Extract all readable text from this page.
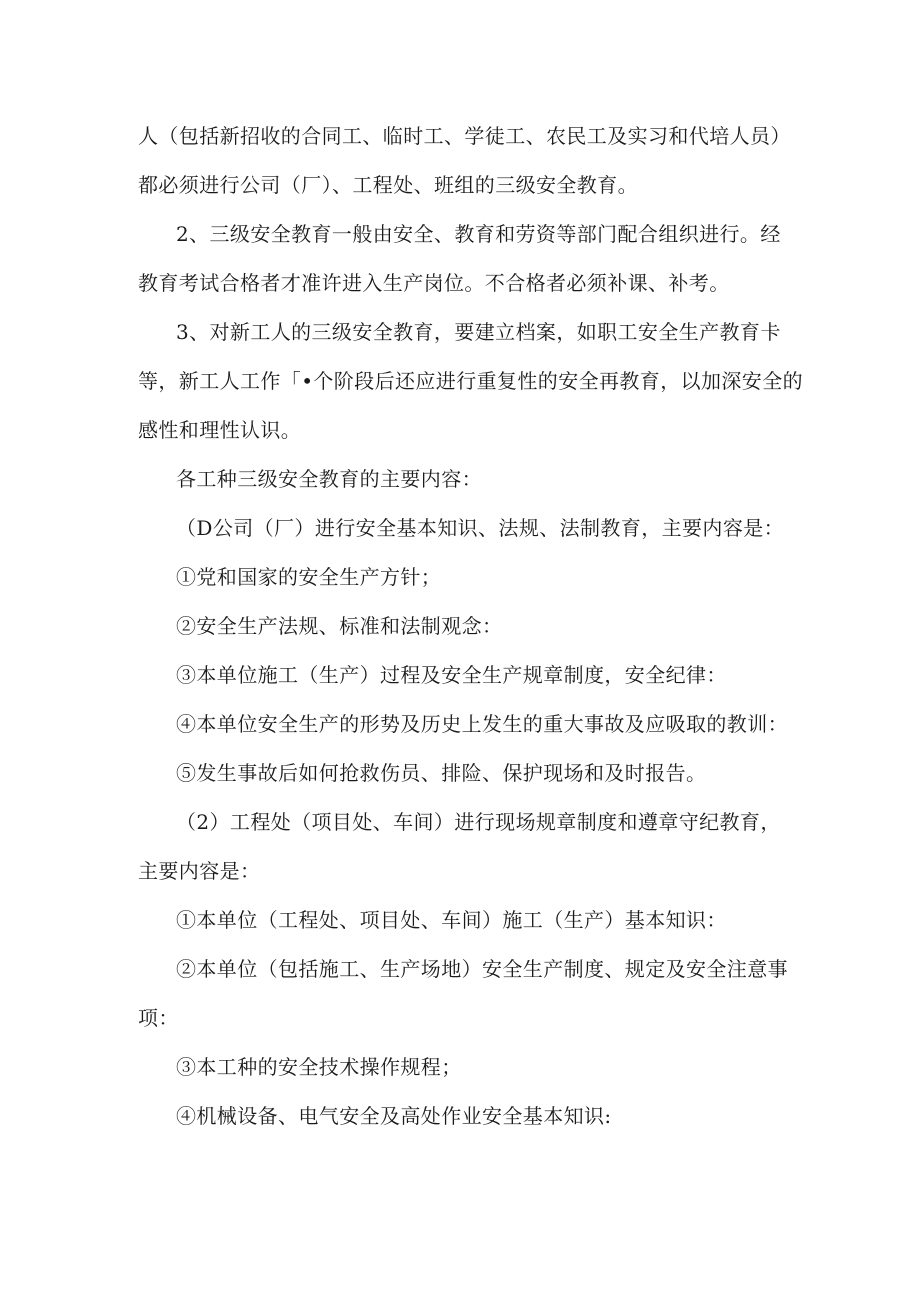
人（包括新招收的合同工、临时工、学徒工、农民工及实习和代培人员）
都必须进行公司（厂）、工程处、班组的三级安全教育。

2、三级安全教育一般由安全、教育和劳资等部门配合组织进行。经
教育考试合格者才准许进入生产岗位。不合格者必须补课、补考。

3、对新工人的三级安全教育，要建立档案，如职工安全生产教育卡
等，新工人工作「•个阶段后还应进行重复性的安全再教育，以加深安全的
感性和理性认识。

各工种三级安全教育的主要内容：

（D公司（厂）进行安全基本知识、法规、法制教育，主要内容是：

①党和国家的安全生产方针；

②安全生产法规、标准和法制观念：

③本单位施工（生产）过程及安全生产规章制度，安全纪律：

④本单位安全生产的形势及历史上发生的重大事故及应吸取的教训：

⑤发生事故后如何抢救伤员、排险、保护现场和及时报告。

（2）工程处（项目处、车间）进行现场规章制度和遵章守纪教育，
主要内容是：

①本单位（工程处、项目处、车间）施工（生产）基本知识：

②本单位（包括施工、生产场地）安全生产制度、规定及安全注意事
项：

③本工种的安全技术操作规程；

④机械设备、电气安全及高处作业安全基本知识:
